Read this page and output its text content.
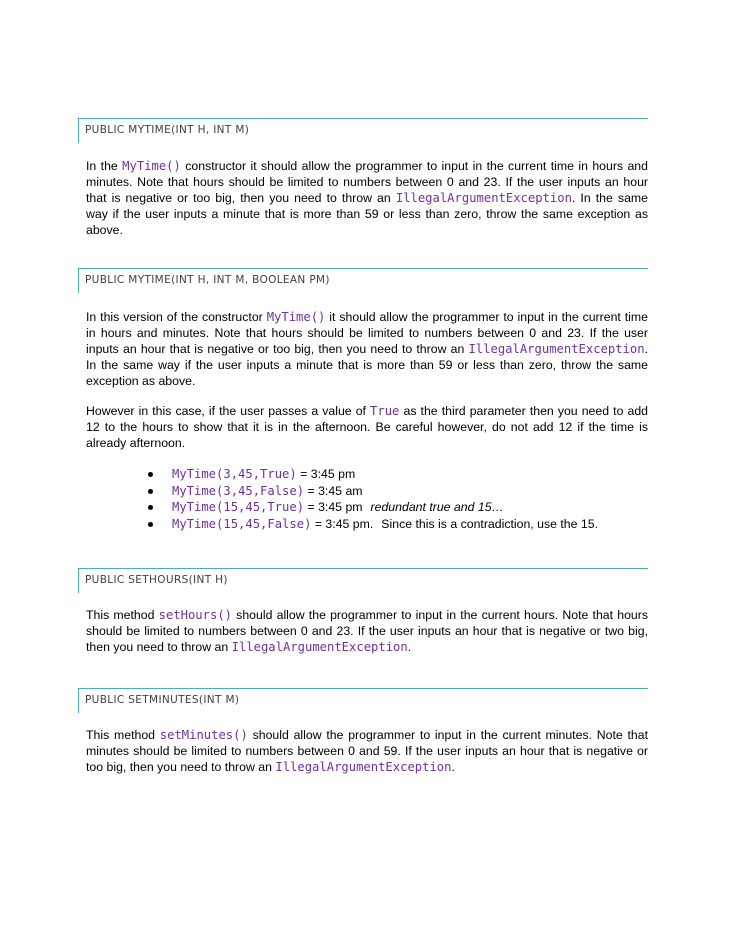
PUBLIC MYTIME(INT H, INT M)

In the MyTime() constructor it should allow the programmer to input in the current time in hours and minutes. Note that hours should be limited to numbers between 0 and 23. If the user inputs an hour that is negative or too big, then you need to throw an IllegalArgumentException. In the same way if the user inputs a minute that is more than 59 or less than zero, throw the same exception as above.

PUBLIC MYTIME(INT H, INT M, BOOLEAN PM)

In this version of the constructor MyTime() it should allow the programmer to input in the current time in hours and minutes. Note that hours should be limited to numbers between 0 and 23. If the user inputs an hour that is negative or too big, then you need to throw an IllegalArgumentException. In the same way if the user inputs a minute that is more than 59 or less than zero, throw the same exception as above.

However in this case, if the user passes a value of True as the third parameter then you need to add 12 to the hours to show that it is in the afternoon. Be careful however, do not add 12 if the time is already afternoon.

MyTime(3,45,True) = 3:45 pm
MyTime(3,45,False) = 3:45 am
MyTime(15,45,True) = 3:45 pm redundant true and 15…
MyTime(15,45,False) = 3:45 pm. Since this is a contradiction, use the 15.
PUBLIC SETHOURS(INT H)

This method setHours() should allow the programmer to input in the current hours. Note that hours should be limited to numbers between 0 and 23. If the user inputs an hour that is negative or two big, then you need to throw an IllegalArgumentException.

PUBLIC SETMINUTES(INT M)

This method setMinutes() should allow the programmer to input in the current minutes. Note that minutes should be limited to numbers between 0 and 59. If the user inputs an hour that is negative or too big, then you need to throw an IllegalArgumentException.
